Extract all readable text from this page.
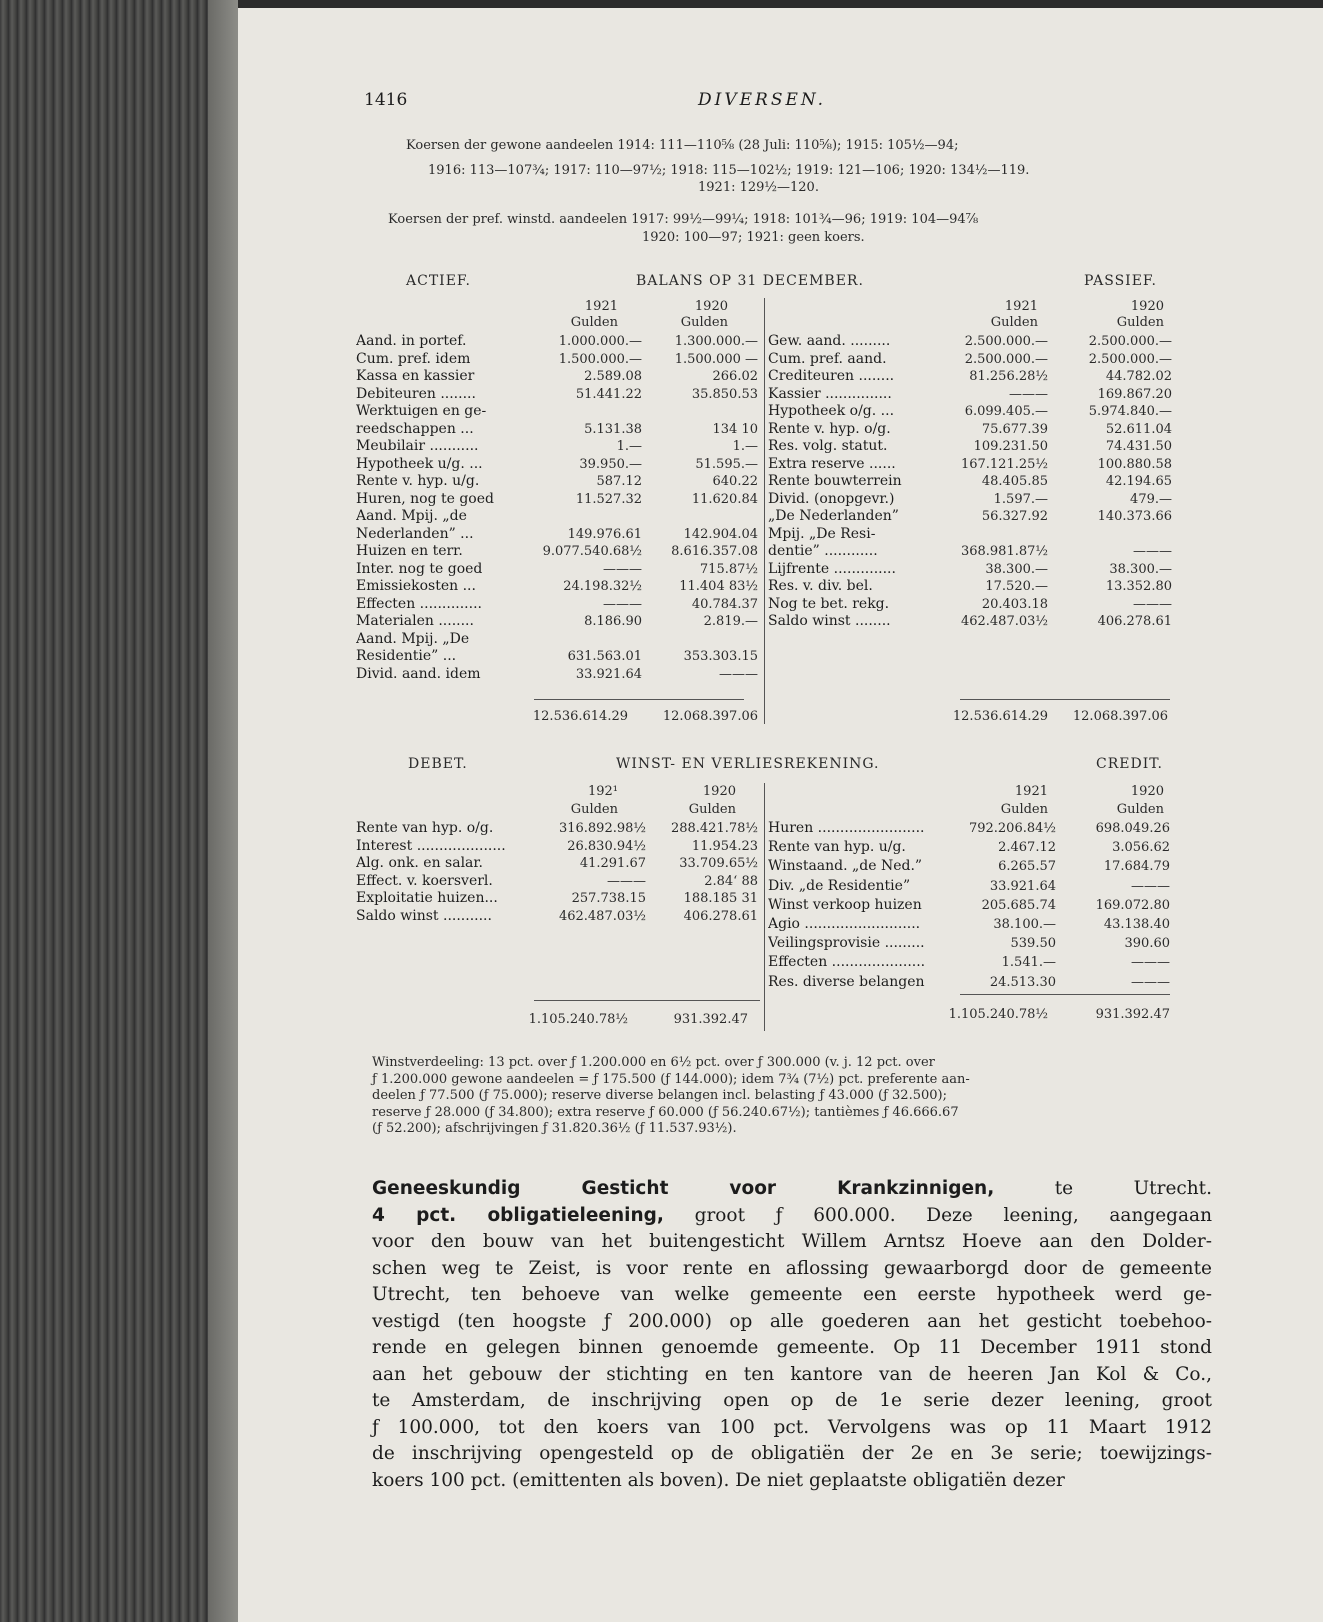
1416	DIVERSEN.
Koersen der gewone aandeelen 1914: 111—110⅝ (28 Juli: 110⅝); 1915: 105½—94;
1916: 113—107¾; 1917: 110—97½; 1918: 115—102½; 1919: 121—106; 1920: 134½—119.
1921: 129½—120.
Koersen der pref. winstd. aandeelen 1917: 99½—99¼; 1918: 101¾—96; 1919: 104—94⅞
1920: 100—97; 1921: geen koers.
ACTIEF.	BALANS OP 31 DECEMBER.	PASSIEF.
1921	1920
Gulden	Gulden
1921	1920
Gulden	Gulden
Aand. in portef.	1.000.000.—	1.300.000.—
Cum. pref. idem	1.500.000.—	1.500.000 —
Kassa en kassier	2.589.08	266.02
Debiteuren ........	51.441.22	35.850.53
Werktuigen en ge-
reedschappen ...	5.131.38	134 10
Meubilair ...........	1.—	1.—
Hypotheek u/g. ...	39.950.—	51.595.—
Rente v. hyp. u/g.	587.12	640.22
Huren, nog te goed	11.527.32	11.620.84
Aand. Mpij. „de
Nederlanden” ...	149.976.61	142.904.04
Huizen en terr.	9.077.540.68½	8.616.357.08
Inter. nog te goed	———	715.87½
Emissiekosten ...	24.198.32½	11.404 83½
Effecten ..............	———	40.784.37
Materialen ........	8.186.90	2.819.—
Aand. Mpij. „De
Residentie” ...	631.563.01	353.303.15
Divid. aand. idem	33.921.64	———
Gew. aand. .........	2.500.000.—	2.500.000.—
Cum. pref. aand.	2.500.000.—	2.500.000.—
Crediteuren ........	81.256.28½	44.782.02
Kassier ...............	———	169.867.20
Hypotheek o/g. ...	6.099.405.—	5.974.840.—
Rente v. hyp. o/g.	75.677.39	52.611.04
Res. volg. statut.	109.231.50	74.431.50
Extra reserve ......	167.121.25½	100.880.58
Rente bouwterrein	48.405.85	42.194.65
Divid. (onopgevr.)	1.597.—	479.—
„De Nederlanden”	56.327.92	140.373.66
Mpij. „De Resi-
dentie” ............	368.981.87½	———
Lijfrente ..............	38.300.—	38.300.—
Res. v. div. bel.	17.520.—	13.352.80
Nog te bet. rekg.	20.403.18	———
Saldo winst ........	462.487.03½	406.278.61
12.536.614.29	12.068.397.06	12.536.614.29	12.068.397.06
DEBET.	WINST- EN VERLIESREKENING.	CREDIT.
192¹	1920
Gulden	Gulden
1921	1920
Gulden	Gulden
Rente van hyp. o/g.	316.892.98½	288.421.78½
Interest ....................	26.830.94½	11.954.23
Alg. onk. en salar.	41.291.67	33.709.65½
Effect. v. koersverl.	———	2.84‘ 88
Exploitatie huizen...	257.738.15	188.185 31
Saldo winst ...........	462.487.03½	406.278.61
Huren ........................	792.206.84½	698.049.26
Rente van hyp. u/g.	2.467.12	3.056.62
Winstaand. „de Ned.”	6.265.57	17.684.79
Div. „de Residentie”	33.921.64	———
Winst verkoop huizen	205.685.74	169.072.80
Agio ..........................	38.100.—	43.138.40
Veilingsprovisie .........	539.50	390.60
Effecten .....................	1.541.—	———
Res. diverse belangen	24.513.30	———
1.105.240.78½	931.392.47	1.105.240.78½	931.392.47
Winstverdeeling: 13 pct. over ƒ 1.200.000 en 6½ pct. over ƒ 300.000 (v. j. 12 pct. over
ƒ 1.200.000 gewone aandeelen = ƒ 175.500 (ƒ 144.000); idem 7¾ (7½) pct. preferente aan-
deelen ƒ 77.500 (ƒ 75.000); reserve diverse belangen incl. belasting ƒ 43.000 (ƒ 32.500);
reserve ƒ 28.000 (ƒ 34.800); extra reserve ƒ 60.000 (ƒ 56.240.67½); tantièmes ƒ 46.666.67
(ƒ 52.200); afschrijvingen ƒ 31.820.36½ (ƒ 11.537.93½).
Geneeskundig Gesticht voor Krankzinnigen, te Utrecht.
4 pct. obligatieleening, groot ƒ 600.000. Deze leening, aangegaan
voor den bouw van het buitengesticht Willem Arntsz Hoeve aan den Dolder-
schen weg te Zeist, is voor rente en aflossing gewaarborgd door de gemeente
Utrecht, ten behoeve van welke gemeente een eerste hypotheek werd ge-
vestigd (ten hoogste ƒ 200.000) op alle goederen aan het gesticht toebehoo-
rende en gelegen binnen genoemde gemeente. Op 11 December 1911 stond
aan het gebouw der stichting en ten kantore van de heeren Jan Kol & Co.,
te Amsterdam, de inschrijving open op de 1e serie dezer leening, groot
ƒ 100.000, tot den koers van 100 pct. Vervolgens was op 11 Maart 1912
de inschrijving opengesteld op de obligatiën der 2e en 3e serie; toewijzings-
koers 100 pct. (emittenten als boven). De niet geplaatste obligatiën dezer
